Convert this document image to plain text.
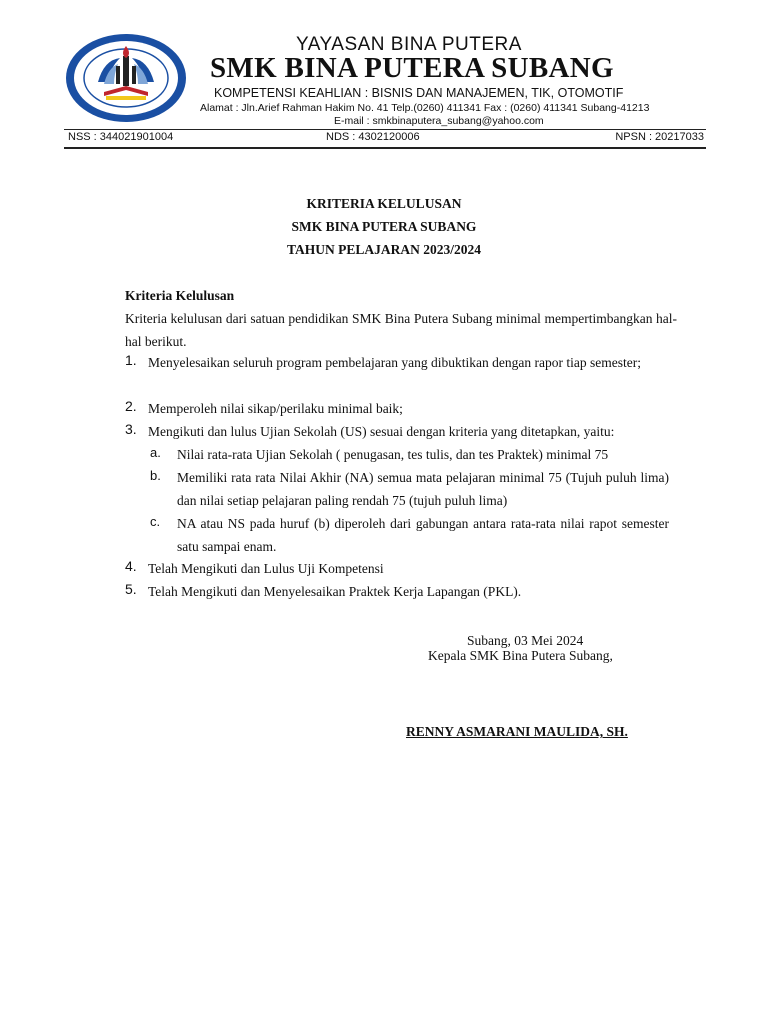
YAYASAN BINA PUTERA
SMK BINA PUTERA SUBANG
KOMPETENSI KEAHLIAN : BISNIS DAN MANAJEMEN, TIK, OTOMOTIF
Alamat : Jln.Arief Rahman Hakim No. 41 Telp.(0260) 411341 Fax : (0260) 411341 Subang-41213
E-mail : smkbinaputera_subang@yahoo.com
NSS : 344021901004	NDS : 4302120006	NPSN : 20217033
KRITERIA KELULUSAN
SMK BINA PUTERA SUBANG
TAHUN PELAJARAN 2023/2024
Kriteria Kelulusan
Kriteria kelulusan dari satuan pendidikan SMK Bina Putera Subang minimal mempertimbangkan hal-hal berikut.
1. Menyelesaikan seluruh program pembelajaran yang dibuktikan dengan rapor tiap semester;
2. Memperoleh nilai sikap/perilaku minimal baik;
3. Mengikuti dan lulus Ujian Sekolah (US) sesuai dengan kriteria yang ditetapkan, yaitu:
a. Nilai rata-rata Ujian Sekolah ( penugasan, tes tulis, dan tes Praktek) minimal 75
b. Memiliki rata rata Nilai Akhir (NA) semua mata pelajaran minimal 75 (Tujuh puluh lima) dan nilai setiap pelajaran paling rendah 75 (tujuh puluh lima)
c. NA atau NS pada huruf (b) diperoleh dari gabungan antara rata-rata nilai rapot semester satu sampai enam.
4. Telah Mengikuti dan Lulus Uji Kompetensi
5. Telah Mengikuti dan Menyelesaikan Praktek Kerja Lapangan (PKL).
Subang, 03 Mei 2024
Kepala SMK Bina Putera Subang,
RENNY ASMARANI MAULIDA, SH.
